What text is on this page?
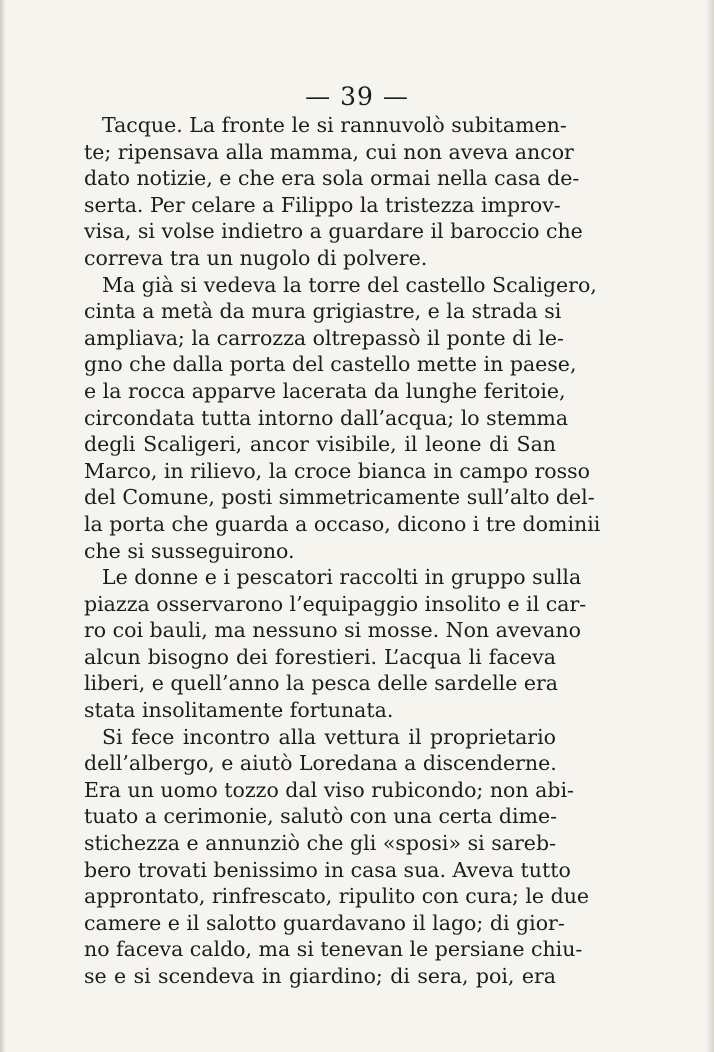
— 39 —
Tacque. La fronte le si rannuvolò subitamen-
te; ripensava alla mamma, cui non aveva ancor
dato notizie, e che era sola ormai nella casa de-
serta. Per celare a Filippo la tristezza improv-
visa, si volse indietro a guardare il baroccio che
correva tra un nugolo di polvere.
Ma già si vedeva la torre del castello Scaligero,
cinta a metà da mura grigiastre, e la strada si
ampliava; la carrozza oltrepassò il ponte di le-
gno che dalla porta del castello mette in paese,
e la rocca apparve lacerata da lunghe feritoie,
circondata tutta intorno dall’acqua; lo stemma
degli Scaligeri, ancor visibile, il leone di San
Marco, in rilievo, la croce bianca in campo rosso
del Comune, posti simmetricamente sull’alto del-
la porta che guarda a occaso, dicono i tre dominii
che si susseguirono.
Le donne e i pescatori raccolti in gruppo sulla
piazza osservarono l’equipaggio insolito e il car-
ro coi bauli, ma nessuno si mosse. Non avevano
alcun bisogno dei forestieri. L’acqua li faceva
liberi, e quell’anno la pesca delle sardelle era
stata insolitamente fortunata.
Si fece incontro alla vettura il proprietario
dell’albergo, e aiutò Loredana a discenderne.
Era un uomo tozzo dal viso rubicondo; non abi-
tuato a cerimonie, salutò con una certa dime-
stichezza e annunziò che gli «sposi» si sareb-
bero trovati benissimo in casa sua. Aveva tutto
approntato, rinfrescato, ripulito con cura; le due
camere e il salotto guardavano il lago; di gior-
no faceva caldo, ma si tenevan le persiane chiu-
se e si scendeva in giardino; di sera, poi, era
